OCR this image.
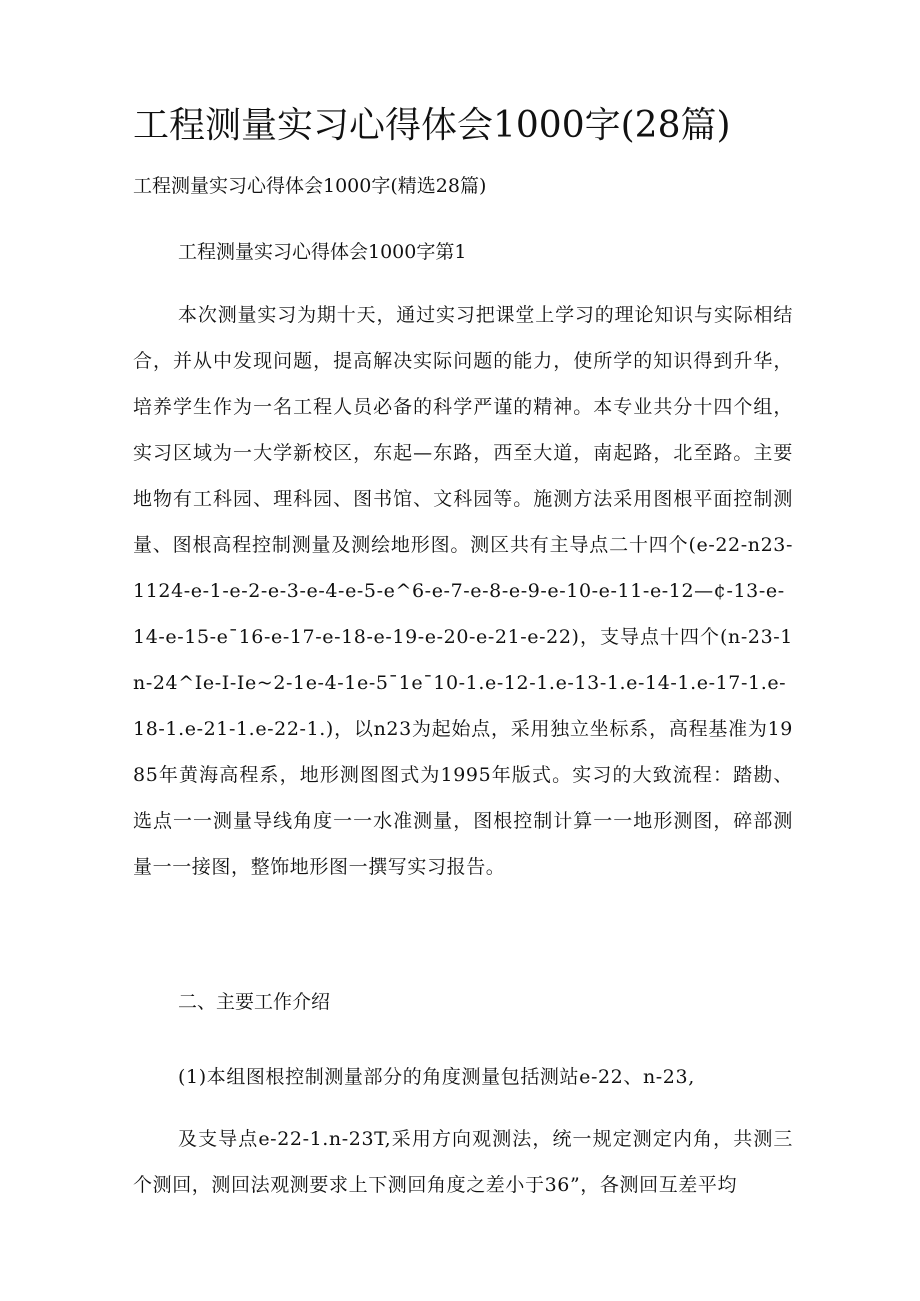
工程测量实习心得体会1000字(28篇)

工程测量实习心得体会1000字(精选28篇)

工程测量实习心得体会1000字第1

本次测量实习为期十天，通过实习把课堂上学习的理论知识与实际相结合，并从中发现问题，提高解决实际问题的能力，使所学的知识得到升华，培养学生作为一名工程人员必备的科学严谨的精神。本专业共分十四个组，实习区域为一大学新校区，东起—东路，西至大道，南起路，北至路。主要地物有工科园、理科园、图书馆、文科园等。施测方法采用图根平面控制测量、图根高程控制测量及测绘地形图。测区共有主导点二十四个(e-22-n23-1124-e-1-e-2-e-3-e-4-e-5-e^6-e-7-e-8-e-9-e-10-e-11-e-12—¢-13-e-14-e-15-e¯16-e-17-e-18-e-19-e-20-e-21-e-22)，支导点十四个(n-23-1n-24^Ie-I-Ie~2-1e-4-1e-5¯1e¯10-1.e-12-1.e-13-1.e-14-1.e-17-1.e-18-1.e-21-1.e-22-1.)，以n23为起始点，采用独立坐标系，高程基准为1985年黄海高程系，地形测图图式为1995年版式。实习的大致流程：踏勘、选点一一测量导线角度一一水准测量，图根控制计算一一地形测图，碎部测量一一接图，整饰地形图一撰写实习报告。

二、主要工作介绍

(1)本组图根控制测量部分的角度测量包括测站e-22、n-23,

及支导点e-22-1.n-23T,采用方向观测法，统一规定测定内角，共测三个测回，测回法观测要求上下测回角度之差小于36”，各测回互差平均
